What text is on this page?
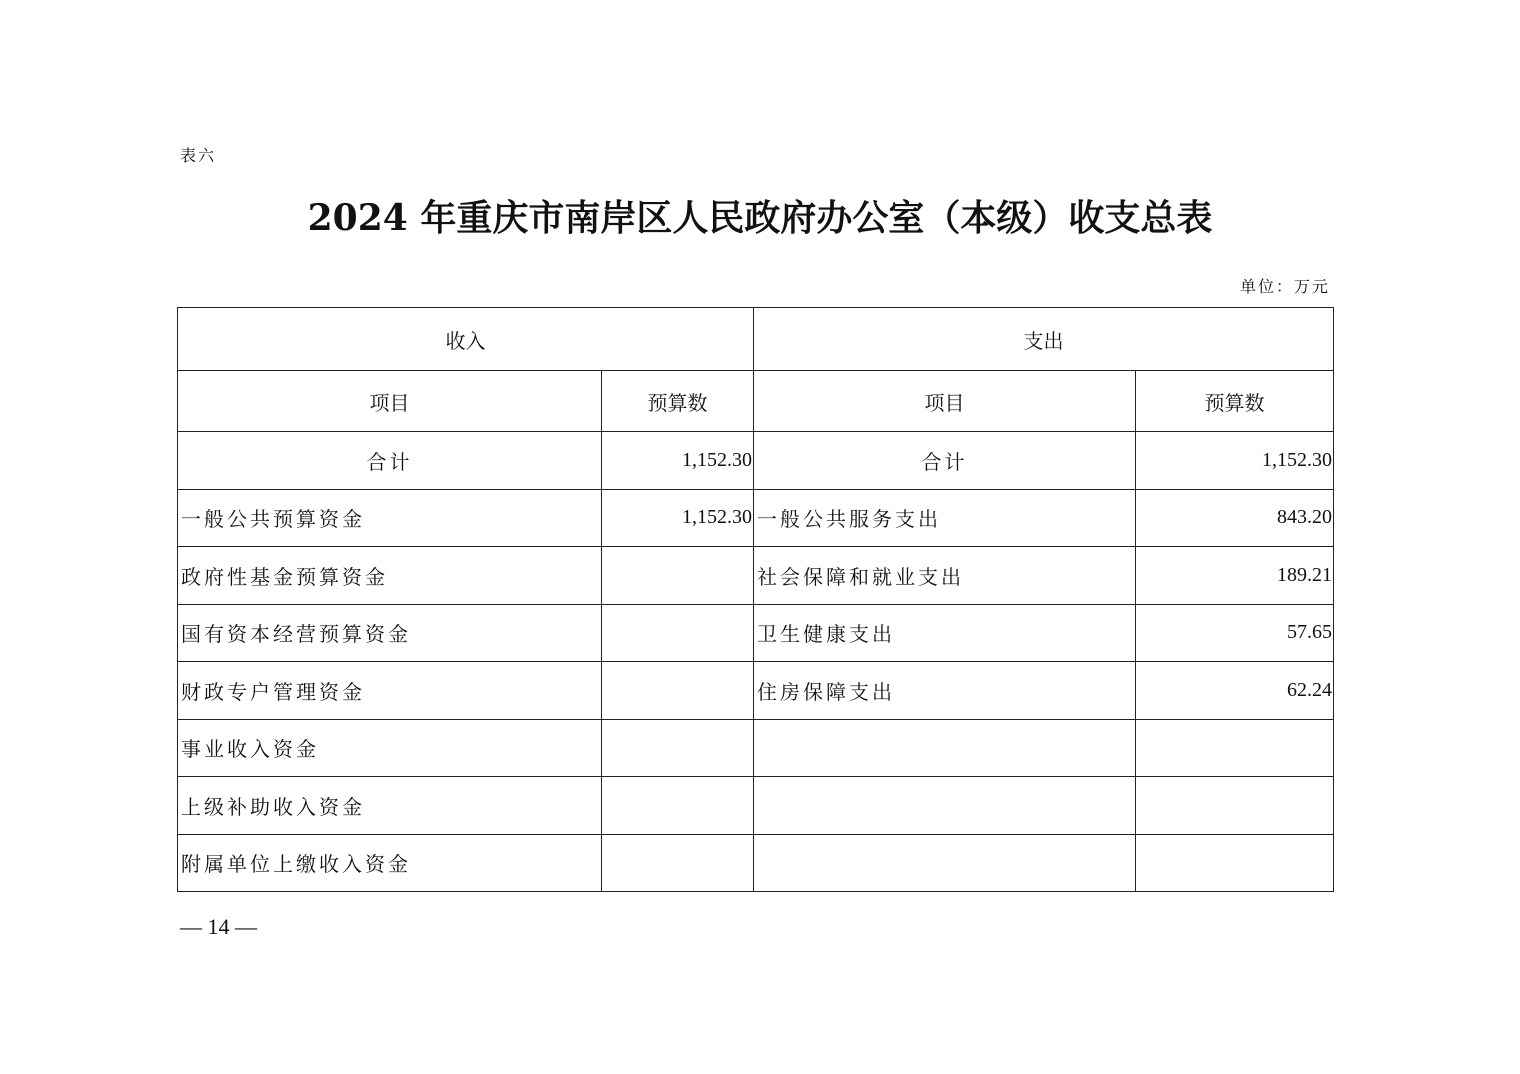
表六
2024 年重庆市南岸区人民政府办公室（本级）收支总表
单位：万元
收入		支出	
项目	预算数	项目	预算数
合计	1,152.30	合计	1,152.30
一般公共预算资金	1,152.30	一般公共服务支出	843.20
政府性基金预算资金		社会保障和就业支出	189.21
国有资本经营预算资金		卫生健康支出	57.65
财政专户管理资金		住房保障支出	62.24
事业收入资金			
上级补助收入资金			
附属单位上缴收入资金			
— 14 —
